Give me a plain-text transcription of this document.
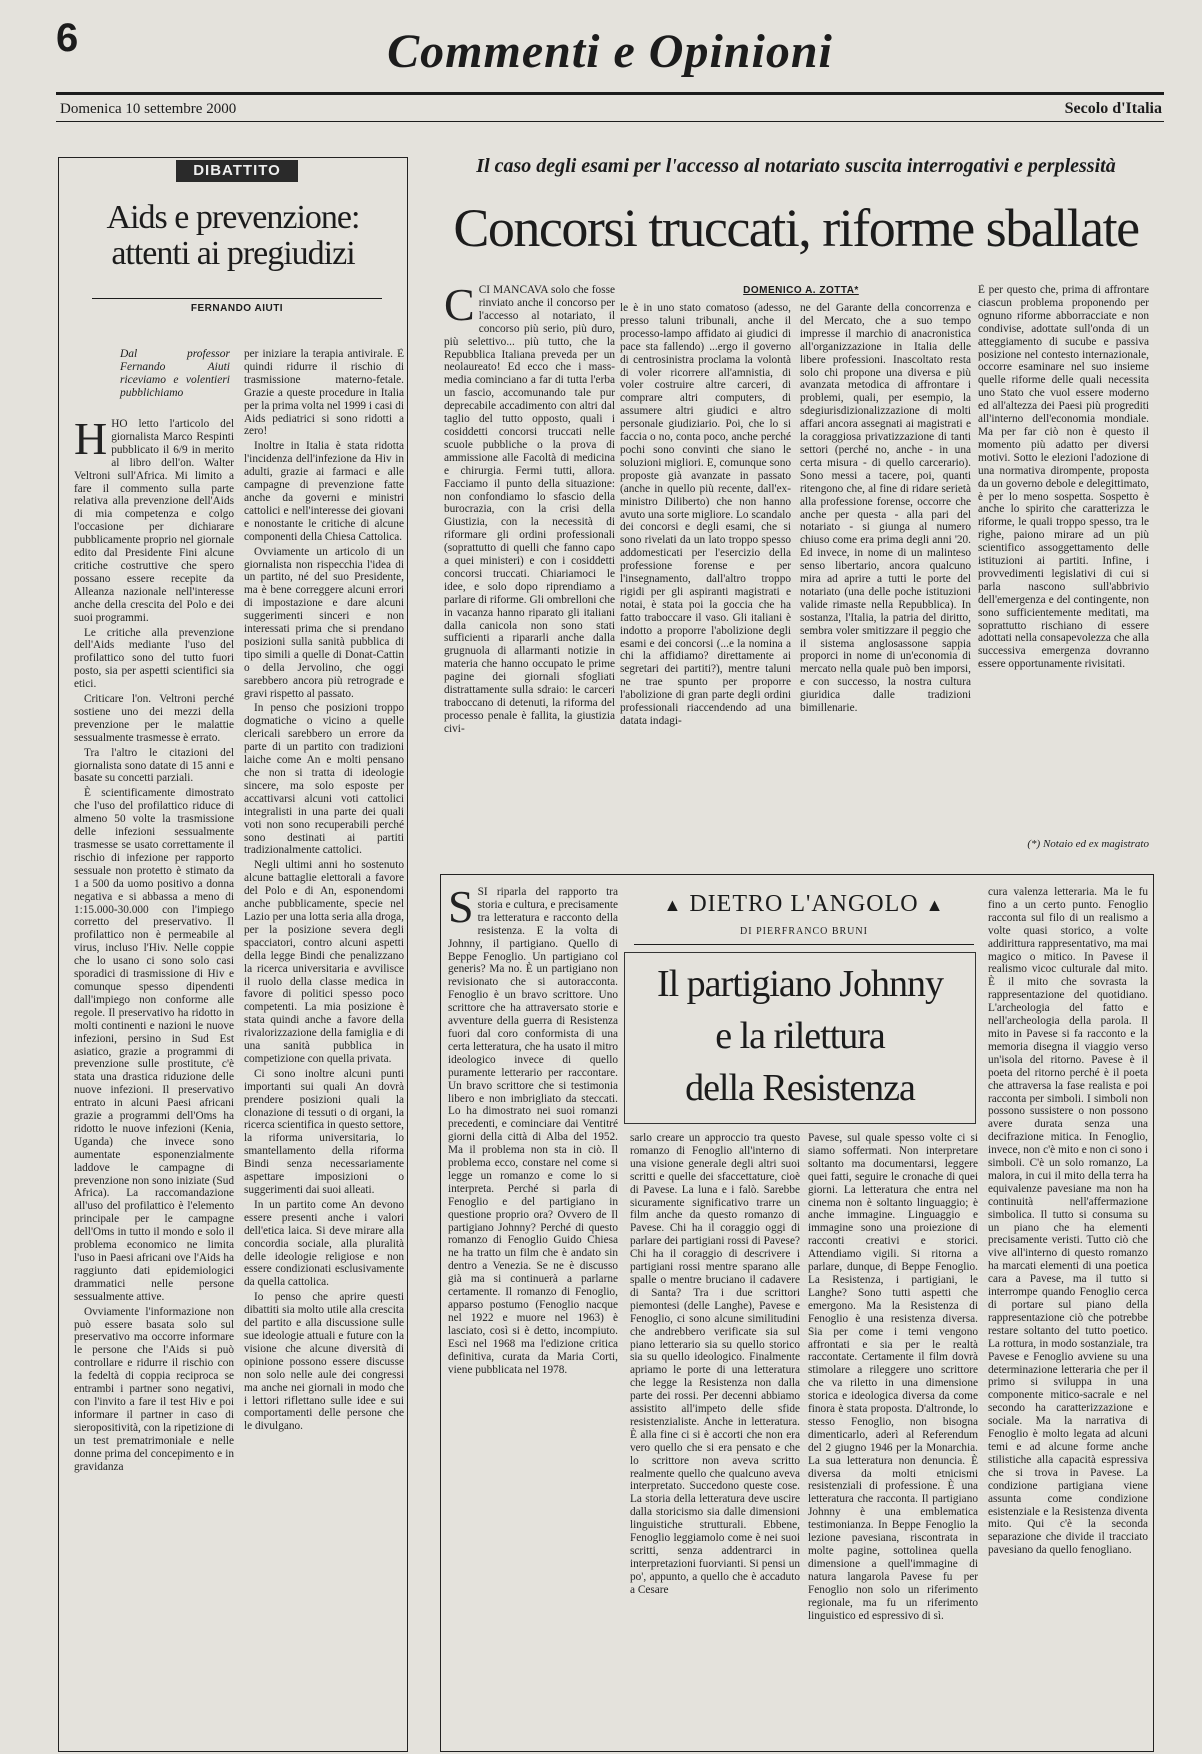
6	Commenti e Opinioni
Domenica 10 settembre 2000	Secolo d'Italia
DIBATTITO
Aids e prevenzione:
attenti ai pregiudizi
FERNANDO AIUTI
Dal professor Fernando Aiuti riceviamo e volentieri pubblichiamo
H HO letto l'articolo del giornalista Marco Respinti pubblicato il 6/9 in merito al libro dell'on. Walter Veltroni sull'Africa. Mi limito a fare il commento sulla parte relativa alla prevenzione dell'Aids di mia competenza e colgo l'occasione per dichiarare pubblicamente proprio nel giornale edito dal Presidente Fini alcune critiche costruttive che spero possano essere recepite da Alleanza nazionale nell'interesse anche della crescita del Polo e dei suoi programmi.

Le critiche alla prevenzione dell'Aids mediante l'uso del profilattico sono del tutto fuori posto, sia per aspetti scientifici sia etici.

Criticare l'on. Veltroni perché sostiene uno dei mezzi della prevenzione per le malattie sessualmente trasmesse è errato.

Tra l'altro le citazioni del giornalista sono datate di 15 anni e basate su concetti parziali.

È scientificamente dimostrato che l'uso del profilattico riduce di almeno 50 volte la trasmissione delle infezioni sessualmente trasmesse se usato correttamente il rischio di infezione per rapporto sessuale non protetto è stimato da 1 a 500 da uomo positivo a donna negativa e si abbassa a meno di 1:15.000-30.000 con l'impiego corretto del preservativo. Il profilattico non è permeabile al virus, incluso l'Hiv. Nelle coppie che lo usano ci sono solo casi sporadici di trasmissione di Hiv e comunque spesso dipendenti dall'impiego non conforme alle regole. Il preservativo ha ridotto in molti continenti e nazioni le nuove infezioni, persino in Sud Est asiatico, grazie a programmi di prevenzione sulle prostitute, c'è stata una drastica riduzione delle nuove infezioni. Il preservativo entrato in alcuni Paesi africani grazie a programmi dell'Oms ha ridotto le nuove infezioni (Kenia, Uganda) che invece sono aumentate esponenzialmente laddove le campagne di prevenzione non sono iniziate (Sud Africa). La raccomandazione all'uso del profilattico è l'elemento principale per le campagne dell'Oms in tutto il mondo e solo il problema economico ne limita l'uso in Paesi africani ove l'Aids ha raggiunto dati epidemiologici drammatici nelle persone sessualmente attive.

Ovviamente l'informazione non può essere basata solo sul preservativo ma occorre informare le persone che l'Aids si può controllare e ridurre il rischio con la fedeltà di coppia reciproca se entrambi i partner sono negativi, con l'invito a fare il test Hiv e poi informare il partner in caso di sieropositività, con la ripetizione di un test prematrimoniale e nelle donne prima del concepimento e in gravidanza

per iniziare la terapia antivirale. È quindi ridurre il rischio di trasmissione materno-fetale. Grazie a queste procedure in Italia per la prima volta nel 1999 i casi di Aids pediatrici si sono ridotti a zero!

Inoltre in Italia è stata ridotta l'incidenza dell'infezione da Hiv in adulti, grazie ai farmaci e alle campagne di prevenzione fatte anche da governi e ministri cattolici e nell'interesse dei giovani e nonostante le critiche di alcune componenti della Chiesa Cattolica.

Ovviamente un articolo di un giornalista non rispecchia l'idea di un partito, né del suo Presidente, ma è bene correggere alcuni errori di impostazione e dare alcuni suggerimenti sinceri e non interessati prima che si prendano posizioni sulla sanità pubblica di tipo simili a quelle di Donat-Cattin o della Jervolino, che oggi sarebbero ancora più retrograde e gravi rispetto al passato.

In penso che posizioni troppo dogmatiche o vicino a quelle clericali sarebbero un errore da parte di un partito con tradizioni laiche come An e molti pensano che non si tratta di ideologie sincere, ma solo esposte per accattivarsi alcuni voti cattolici integralisti in una parte dei quali voti non sono recuperabili perché sono destinati ai partiti tradizionalmente cattolici.

Negli ultimi anni ho sostenuto alcune battaglie elettorali a favore del Polo e di An, esponendomi anche pubblicamente, specie nel Lazio per una lotta seria alla droga, per la posizione severa degli spacciatori, contro alcuni aspetti della legge Bindi che penalizzano la ricerca universitaria e avvilisce il ruolo della classe medica in favore di politici spesso poco competenti. La mia posizione è stata quindi anche a favore della rivalorizzazione della famiglia e di una sanità pubblica in competizione con quella privata.

Ci sono inoltre alcuni punti importanti sui quali An dovrà prendere posizioni quali la clonazione di tessuti o di organi, la ricerca scientifica in questo settore, la riforma universitaria, lo smantellamento della riforma Bindi senza necessariamente aspettare imposizioni o suggerimenti dai suoi alleati.

In un partito come An devono essere presenti anche i valori dell'etica laica. Si deve mirare alla concordia sociale, alla pluralità delle ideologie religiose e non essere condizionati esclusivamente da quella cattolica.

Io penso che aprire questi dibattiti sia molto utile alla crescita del partito e alla discussione sulle sue ideologie attuali e future con la visione che alcune diversità di opinione possono essere discusse non solo nelle aule dei congressi ma anche nei giornali in modo che i lettori riflettano sulle idee e sui comportamenti delle persone che le divulgano.

Il caso degli esami per l'accesso al notariato suscita interrogativi e perplessità
Concorsi truccati, riforme sballate
DOMENICO A. ZOTTA*
C CI MANCAVA solo che fosse rinviato anche il concorso per l'accesso al notariato, il concorso più serio, più duro, più selettivo... più tutto, che la Repubblica Italiana preveda per un neolaureato! Ed ecco che i mass-media cominciano a far di tutta l'erba un fascio, accomunando tale pur deprecabile accadimento con altri dal taglio del tutto opposto, quali i cosiddetti concorsi truccati nelle scuole pubbliche o la prova di ammissione alle Facoltà di medicina e chirurgia. Fermi tutti, allora. Facciamo il punto della situazione: non confondiamo lo sfascio della burocrazia, con la crisi della Giustizia, con la necessità di riformare gli ordini professionali (soprattutto di quelli che fanno capo a quei ministeri) e con i cosiddetti concorsi truccati. Chiariamoci le idee, e solo dopo riprendiamo a parlare di riforme. Gli ombrelloni che in vacanza hanno riparato gli italiani dalla canicola non sono stati sufficienti a ripararli anche dalla grugnuola di allarmanti notizie in materia che hanno occupato le prime pagine dei giornali sfogliati distrattamente sulla sdraio: le carceri traboccano di detenuti, la riforma del processo penale è fallita, la giustizia civi-

le è in uno stato comatoso (adesso, presso taluni tribunali, anche il processo-lampo affidato ai giudici di pace sta fallendo) ...ergo il governo di centrosinistra proclama la volontà di voler ricorrere all'amnistia, di voler costruire altre carceri, di comprare altri computers, di assumere altri giudici e altro personale giudiziario. Poi, che lo si faccia o no, conta poco, anche perché pochi sono convinti che siano le soluzioni migliori. E, comunque sono proposte già avanzate in passato (anche in quello più recente, dall'ex-ministro Diliberto) che non hanno avuto una sorte migliore. Lo scandalo dei concorsi e degli esami, che si sono rivelati da un lato troppo spesso addomesticati per l'esercizio della professione forense e per l'insegnamento, dall'altro troppo rigidi per gli aspiranti magistrati e notai, è stata poi la goccia che ha fatto traboccare il vaso. Gli italiani è indotto a proporre l'abolizione degli esami e dei concorsi (...e la nomina a chi la affidiamo? direttamente ai segretari dei partiti?), mentre taluni ne trae spunto per proporre l'abolizione di gran parte degli ordini professionali riaccendendo ad una datata indagi-

ne del Garante della concorrenza e del Mercato, che a suo tempo impresse il marchio di anacronistica all'organizzazione in Italia delle libere professioni. Inascoltato resta solo chi propone una diversa e più avanzata metodica di affrontare i problemi, quali, per esempio, la sdegiurisdizionalizzazione di molti affari ancora assegnati ai magistrati e la coraggiosa privatizzazione di tanti settori (perché no, anche - in una certa misura - di quello carcerario). Sono messi a tacere, poi, quanti ritengono che, al fine di ridare serietà alla professione forense, occorre che anche per questa - alla pari del notariato - si giunga al numero chiuso come era prima degli anni '20. Ed invece, in nome di un malinteso senso libertario, ancora qualcuno mira ad aprire a tutti le porte del notariato (una delle poche istituzioni valide rimaste nella Repubblica). In sostanza, l'Italia, la patria del diritto, sembra voler smitizzare il peggio che il sistema anglosassone sappia proporci in nome di un'economia di mercato nella quale può ben imporsi, e con successo, la nostra cultura giuridica dalle tradizioni bimillenarie.

È per questo che, prima di affrontare ciascun problema proponendo per ognuno riforme abborracciate e non condivise, adottate sull'onda di un atteggiamento di sucube e passiva posizione nel contesto internazionale, occorre esaminare nel suo insieme quelle riforme delle quali necessita uno Stato che vuol essere moderno ed all'altezza dei Paesi più progrediti all'interno dell'economia mondiale. Ma per far ciò non è questo il momento più adatto per diversi motivi. Sotto le elezioni l'adozione di una normativa dirompente, proposta da un governo debole e delegittimato, è per lo meno sospetta. Sospetto è anche lo spirito che caratterizza le riforme, le quali troppo spesso, tra le righe, paiono mirare ad un più scientifico assoggettamento delle istituzioni ai partiti. Infine, i provvedimenti legislativi di cui si parla nascono sull'abbrivio dell'emergenza e del contingente, non sono sufficientemente meditati, ma soprattutto rischiano di essere adottati nella consapevolezza che alla successiva emergenza dovranno essere opportunamente rivisitati.

(*) Notaio ed ex magistrato
▲ DIETRO L'ANGOLO ▲
DI PIERFRANCO BRUNI
Il partigiano Johnny
e la rilettura
della Resistenza
S SI riparla del rapporto tra storia e cultura, e precisamente tra letteratura e racconto della resistenza. E la volta di Johnny, il partigiano. Quello di Beppe Fenoglio. Un partigiano col generis? Ma no. È un partigiano non revisionato che si autoracconta. Fenoglio è un bravo scrittore. Uno scrittore che ha attraversato storie e avventure della guerra di Resistenza fuori dal coro conformista di una certa letteratura, che ha usato il mitro ideologico invece di quello puramente letterario per raccontare. Un bravo scrittore che si testimonia libero e non imbrigliato da steccati. Lo ha dimostrato nei suoi romanzi precedenti, e cominciare dai Ventitré giorni della città di Alba del 1952. Ma il problema non sta in ciò. Il problema ecco, constare nel come si legge un romanzo e come lo si interpreta. Perché si parla di Fenoglio e del partigiano in questione proprio ora? Ovvero de Il partigiano Johnny? Perché di questo romanzo di Fenoglio Guido Chiesa ne ha tratto un film che è andato sin dentro a Venezia. Se ne è discusso già ma si continuerà a parlarne certamente. Il romanzo di Fenoglio, apparso postumo (Fenoglio nacque nel 1922 e muore nel 1963) è lasciato, così si è detto, incompiuto. Escì nel 1968 ma l'edizione critica definitiva, curata da Maria Corti, viene pubblicata nel 1978.

sarlo creare un approccio tra questo romanzo di Fenoglio all'interno di una visione generale degli altri suoi scritti e quelle dei sfaccettature, cioè di Pavese. La luna e i falò. Sarebbe sicuramente significativo trarre un film anche da questo romanzo di Pavese. Chi ha il coraggio oggi di parlare dei partigiani rossi di Pavese? Chi ha il coraggio di descrivere i partigiani rossi mentre sparano alle spalle o mentre bruciano il cadavere di Santa? Tra i due scrittori piemontesi (delle Langhe), Pavese e Fenoglio, ci sono alcune similitudini che andrebbero verificate sia sul piano letterario sia su quello storico sia su quello ideologico. Finalmente apriamo le porte di una letteratura che legge la Resistenza non dalla parte dei rossi. Per decenni abbiamo assistito all'impeto delle sfide resistenzialiste. Anche in letteratura. È alla fine ci si è accorti che non era vero quello che si era pensato e che lo scrittore non aveva scritto realmente quello che qualcuno aveva interpretato. Succedono queste cose. La storia della letteratura deve uscire dalla storicismo sia dalle dimensioni linguistiche strutturali. Ebbene, Fenoglio leggiamolo come è nei suoi scritti, senza addentrarci in interpretazioni fuorvianti. Si pensi un po', appunto, a quello che è accaduto a Cesare

Pavese, sul quale spesso volte ci si siamo soffermati. Non interpretare soltanto ma documentarsi, leggere quei fatti, seguire le cronache di quei giorni. La letteratura che entra nel cinema non è soltanto linguaggio; è anche immagine. Linguaggio e immagine sono una proiezione di racconti creativi e storici. Attendiamo vigili. Si ritorna a parlare, dunque, di Beppe Fenoglio. La Resistenza, i partigiani, le Langhe? Sono tutti aspetti che emergono. Ma la Resistenza di Fenoglio è una resistenza diversa. Sia per come i temi vengono affrontati e sia per le realtà raccontate. Certamente il film dovrà stimolare a rileggere uno scrittore che va riletto in una dimensione storica e ideologica diversa da come finora è stata proposta. D'altronde, lo stesso Fenoglio, non bisogna dimenticarlo, aderì al Referendum del 2 giugno 1946 per la Monarchia. La sua letteratura non denuncia. È diversa da molti etnicismi resistenziali di professione. È una letteratura che racconta. Il partigiano Johnny è una emblematica testimonianza. In Beppe Fenoglio la lezione pavesiana, riscontrata in molte pagine, sottolinea quella dimensione a quell'immagine di natura langarola Pavese fu per Fenoglio non solo un riferimento regionale, ma fu un riferimento linguistico ed espressivo di sì.

cura valenza letteraria. Ma le fu fino a un certo punto. Fenoglio racconta sul filo di un realismo a volte quasi storico, a volte addirittura rappresentativo, ma mai magico o mitico. In Pavese il realismo vicoc culturale dal mito. È il mito che sovrasta la rappresentazione del quotidiano. L'archeologia del fatto e nell'archeologia della parola. Il mito in Pavese si fa racconto e la memoria disegna il viaggio verso un'isola del ritorno. Pavese è il poeta del ritorno perché è il poeta che attraversa la fase realista e poi racconta per simboli. I simboli non possono sussistere o non possono avere durata senza una decifrazione mitica. In Fenoglio, invece, non c'è mito e non ci sono i simboli. C'è un solo romanzo, La malora, in cui il mito della terra ha equivalenze pavesiane ma non ha continuità nell'affermazione simbolica. Il tutto si consuma su un piano che ha elementi precisamente veristi. Tutto ciò che vive all'interno di questo romanzo ha marcati elementi di una poetica cara a Pavese, ma il tutto si interrompe quando Fenoglio cerca di portare sul piano della rappresentazione ciò che potrebbe restare soltanto del tutto poetico. La rottura, in modo sostanziale, tra Pavese e Fenoglio avviene su una determinazione letteraria che per il primo si sviluppa in una componente mitico-sacrale e nel secondo ha caratterizzazione e sociale. Ma la narrativa di Fenoglio è molto legata ad alcuni temi e ad alcune forme anche stilistiche alla capacità espressiva che si trova in Pavese. La condizione partigiana viene assunta come condizione esistenziale e la Resistenza diventa mito. Qui c'è la seconda separazione che divide il tracciato pavesiano da quello fenogliano.
